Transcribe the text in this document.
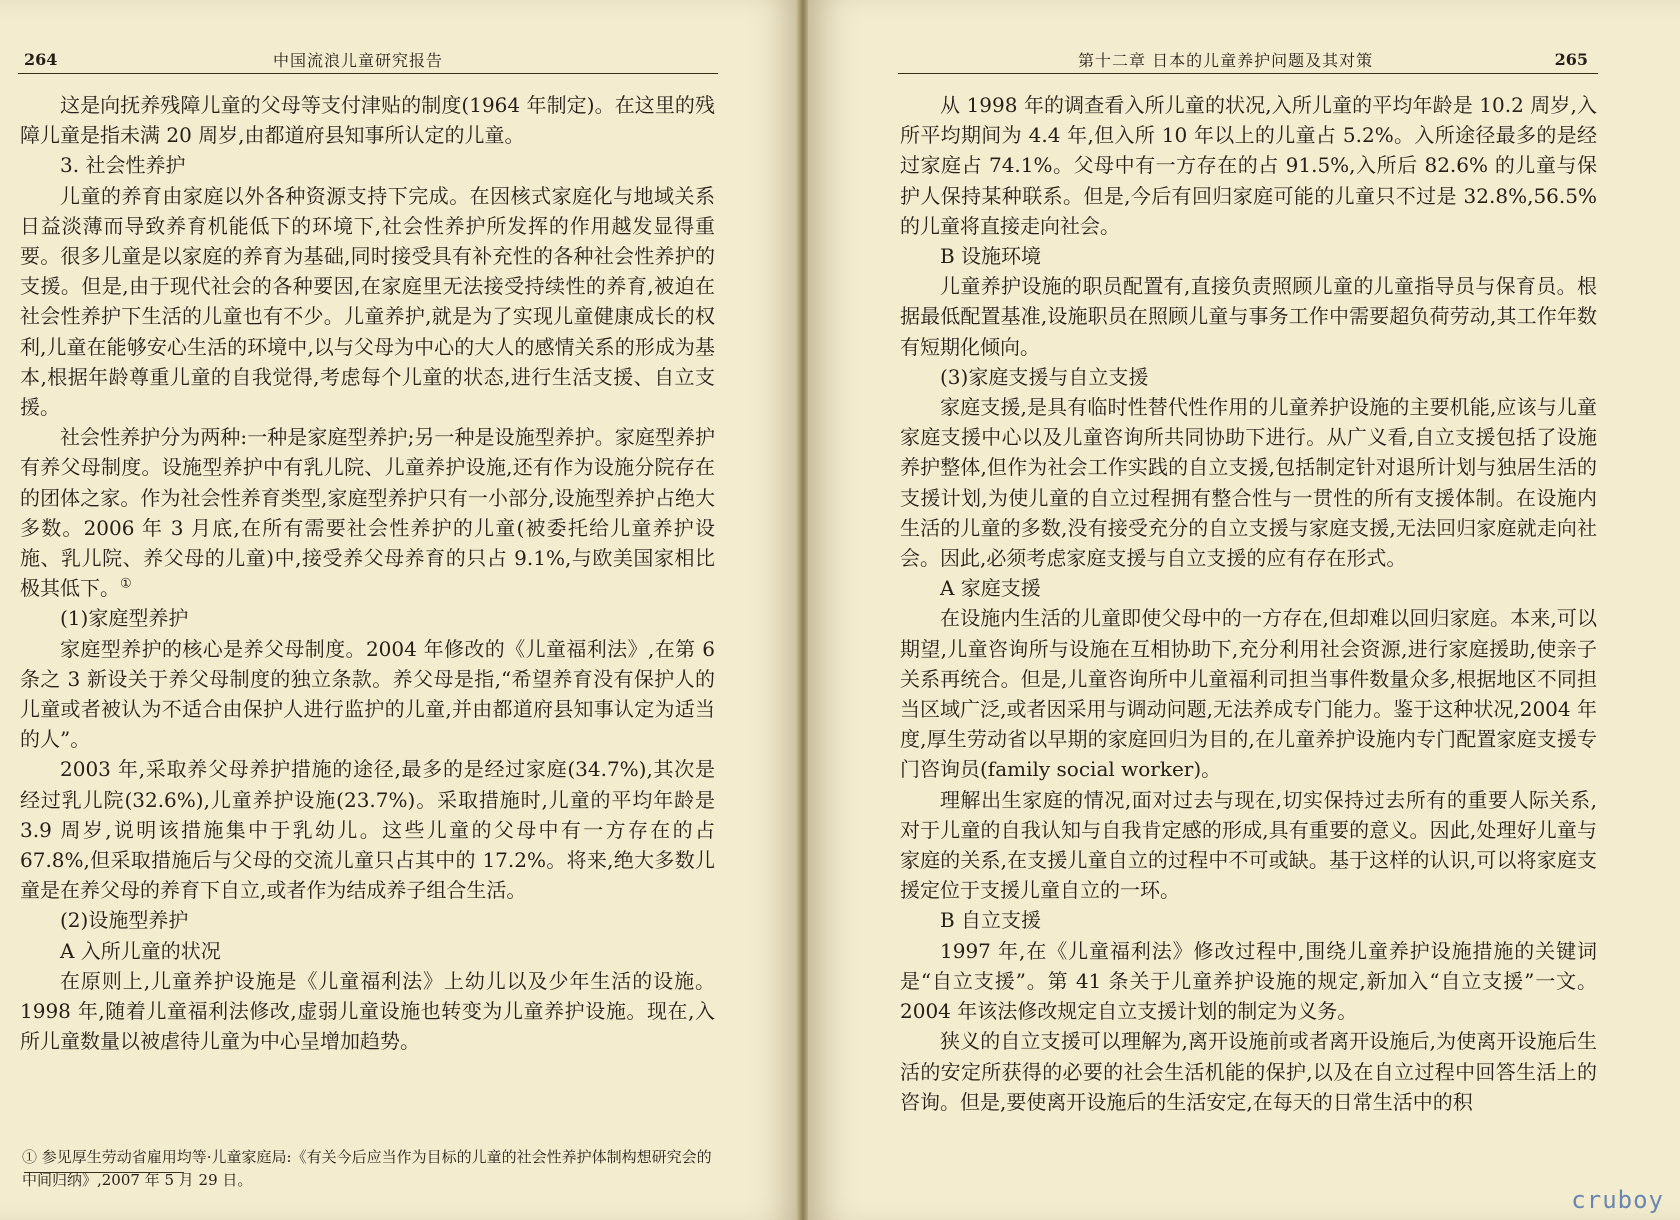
264	中国流浪儿童研究报告

这是向抚养残障儿童的父母等支付津贴的制度(1964 年制定)。在这里的残障儿童是指未满 20 周岁,由都道府县知事所认定的儿童。

3. 社会性养护

儿童的养育由家庭以外各种资源支持下完成。在因核式家庭化与地域关系日益淡薄而导致养育机能低下的环境下,社会性养护所发挥的作用越发显得重要。很多儿童是以家庭的养育为基础,同时接受具有补充性的各种社会性养护的支援。但是,由于现代社会的各种要因,在家庭里无法接受持续性的养育,被迫在社会性养护下生活的儿童也有不少。儿童养护,就是为了实现儿童健康成长的权利,儿童在能够安心生活的环境中,以与父母为中心的大人的感情关系的形成为基本,根据年龄尊重儿童的自我觉得,考虑每个儿童的状态,进行生活支援、自立支援。

社会性养护分为两种:一种是家庭型养护;另一种是设施型养护。家庭型养护有养父母制度。设施型养护中有乳儿院、儿童养护设施,还有作为设施分院存在的团体之家。作为社会性养育类型,家庭型养护只有一小部分,设施型养护占绝大多数。2006 年 3 月底,在所有需要社会性养护的儿童(被委托给儿童养护设施、乳儿院、养父母的儿童)中,接受养父母养育的只占 9.1%,与欧美国家相比极其低下。①

(1)家庭型养护

家庭型养护的核心是养父母制度。2004 年修改的《儿童福利法》,在第 6 条之 3 新设关于养父母制度的独立条款。养父母是指,“希望养育没有保护人的儿童或者被认为不适合由保护人进行监护的儿童,并由都道府县知事认定为适当的人”。

2003 年,采取养父母养护措施的途径,最多的是经过家庭(34.7%),其次是经过乳儿院(32.6%),儿童养护设施(23.7%)。采取措施时,儿童的平均年龄是 3.9 周岁,说明该措施集中于乳幼儿。这些儿童的父母中有一方存在的占 67.8%,但采取措施后与父母的交流儿童只占其中的 17.2%。将来,绝大多数儿童是在养父母的养育下自立,或者作为结成养子组合生活。

(2)设施型养护

A 入所儿童的状况

在原则上,儿童养护设施是《儿童福利法》上幼儿以及少年生活的设施。1998 年,随着儿童福利法修改,虚弱儿童设施也转变为儿童养护设施。现在,入所儿童数量以被虐待儿童为中心呈增加趋势。

① 参见厚生劳动省雇用均等·儿童家庭局:《有关今后应当作为目标的儿童的社会性养护体制构想研究会的中间归纳》,2007 年 5 月 29 日。
第十二章 日本的儿童养护问题及其对策	265

从 1998 年的调查看入所儿童的状况,入所儿童的平均年龄是 10.2 周岁,入所平均期间为 4.4 年,但入所 10 年以上的儿童占 5.2%。入所途径最多的是经过家庭占 74.1%。父母中有一方存在的占 91.5%,入所后 82.6% 的儿童与保护人保持某种联系。但是,今后有回归家庭可能的儿童只不过是 32.8%,56.5% 的儿童将直接走向社会。

B 设施环境

儿童养护设施的职员配置有,直接负责照顾儿童的儿童指导员与保育员。根据最低配置基准,设施职员在照顾儿童与事务工作中需要超负荷劳动,其工作年数有短期化倾向。

(3)家庭支援与自立支援

家庭支援,是具有临时性替代性作用的儿童养护设施的主要机能,应该与儿童家庭支援中心以及儿童咨询所共同协助下进行。从广义看,自立支援包括了设施养护整体,但作为社会工作实践的自立支援,包括制定针对退所计划与独居生活的支援计划,为使儿童的自立过程拥有整合性与一贯性的所有支援体制。在设施内生活的儿童的多数,没有接受充分的自立支援与家庭支援,无法回归家庭就走向社会。因此,必须考虑家庭支援与自立支援的应有存在形式。

A 家庭支援

在设施内生活的儿童即使父母中的一方存在,但却难以回归家庭。本来,可以期望,儿童咨询所与设施在互相协助下,充分利用社会资源,进行家庭援助,使亲子关系再统合。但是,儿童咨询所中儿童福利司担当事件数量众多,根据地区不同担当区域广泛,或者因采用与调动问题,无法养成专门能力。鉴于这种状况,2004 年度,厚生劳动省以早期的家庭回归为目的,在儿童养护设施内专门配置家庭支援专门咨询员(family social worker)。

理解出生家庭的情况,面对过去与现在,切实保持过去所有的重要人际关系,对于儿童的自我认知与自我肯定感的形成,具有重要的意义。因此,处理好儿童与家庭的关系,在支援儿童自立的过程中不可或缺。基于这样的认识,可以将家庭支援定位于支援儿童自立的一环。

B 自立支援

1997 年,在《儿童福利法》修改过程中,围绕儿童养护设施措施的关键词是“自立支援”。第 41 条关于儿童养护设施的规定,新加入“自立支援”一文。2004 年该法修改规定自立支援计划的制定为义务。

狭义的自立支援可以理解为,离开设施前或者离开设施后,为使离开设施后生活的安定所获得的必要的社会生活机能的保护,以及在自立过程中回答生活上的咨询。但是,要使离开设施后的生活安定,在每天的日常生活中的积

cruboy
